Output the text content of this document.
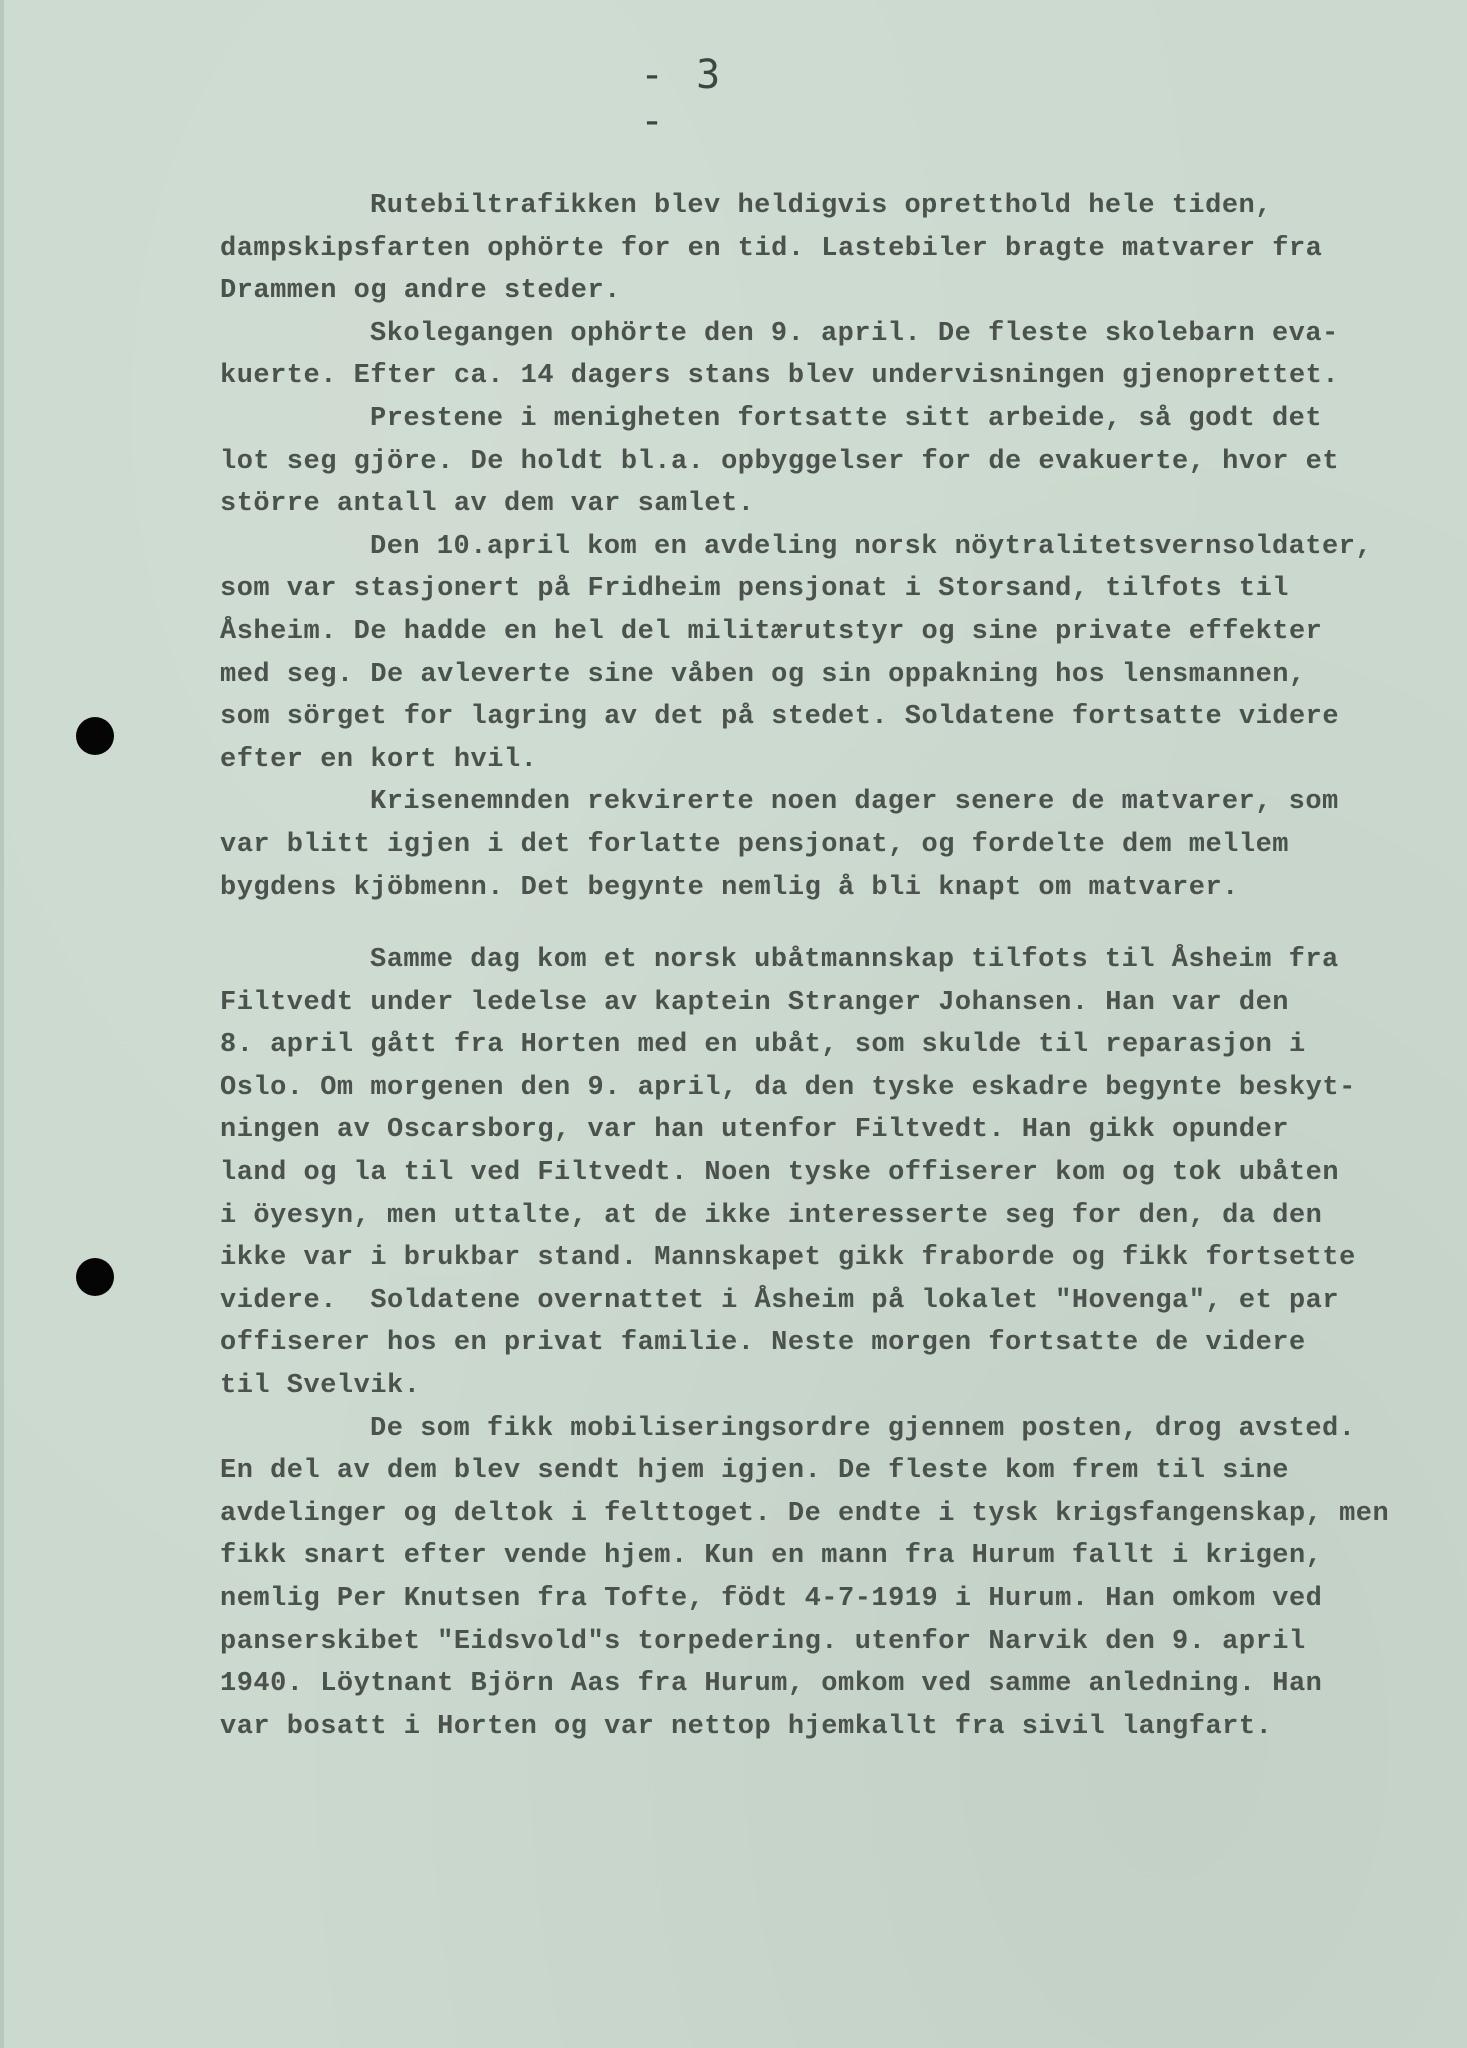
- 3 -
Rutebiltrafikken blev heldigvis opretthold hele tiden,
dampskipsfarten ophörte for en tid. Lastebiler bragte matvarer fra
Drammen og andre steder.
Skolegangen ophörte den 9. april. De fleste skolebarn eva-
kuerte. Efter ca. 14 dagers stans blev undervisningen gjenoprettet.
Prestene i menigheten fortsatte sitt arbeide, så godt det
lot seg gjöre. De holdt bl.a. opbyggelser for de evakuerte, hvor et
större antall av dem var samlet.
Den 10.april kom en avdeling norsk nöytralitetsvernsoldater,
som var stasjonert på Fridheim pensjonat i Storsand, tilfots til
Åsheim. De hadde en hel del militærutstyr og sine private effekter
med seg. De avleverte sine våben og sin oppakning hos lensmannen,
som sörget for lagring av det på stedet. Soldatene fortsatte videre
efter en kort hvil.
Krisenemnden rekvirerte noen dager senere de matvarer, som
var blitt igjen i det forlatte pensjonat, og fordelte dem mellem
bygdens kjöbmenn. Det begynte nemlig å bli knapt om matvarer.
Samme dag kom et norsk ubåtmannskap tilfots til Åsheim fra
Filtvedt under ledelse av kaptein Stranger Johansen. Han var den
8. april gått fra Horten med en ubåt, som skulde til reparasjon i
Oslo. Om morgenen den 9. april, da den tyske eskadre begynte beskyt-
ningen av Oscarsborg, var han utenfor Filtvedt. Han gikk opunder
land og la til ved Filtvedt. Noen tyske offiserer kom og tok ubåten
i öyesyn, men uttalte, at de ikke interesserte seg for den, da den
ikke var i brukbar stand. Mannskapet gikk fraborde og fikk fortsette
videre.  Soldatene overnattet i Åsheim på lokalet "Hovenga", et par
offiserer hos en privat familie. Neste morgen fortsatte de videre
til Svelvik.
De som fikk mobiliseringsordre gjennem posten, drog avsted.
En del av dem blev sendt hjem igjen. De fleste kom frem til sine
avdelinger og deltok i felttoget. De endte i tysk krigsfangenskap, men
fikk snart efter vende hjem. Kun en mann fra Hurum fallt i krigen,
nemlig Per Knutsen fra Tofte, födt 4-7-1919 i Hurum. Han omkom ved
panserskibet "Eidsvold"s torpedering. utenfor Narvik den 9. april
1940. Löytnant Björn Aas fra Hurum, omkom ved samme anledning. Han
var bosatt i Horten og var nettop hjemkallt fra sivil langfart.
